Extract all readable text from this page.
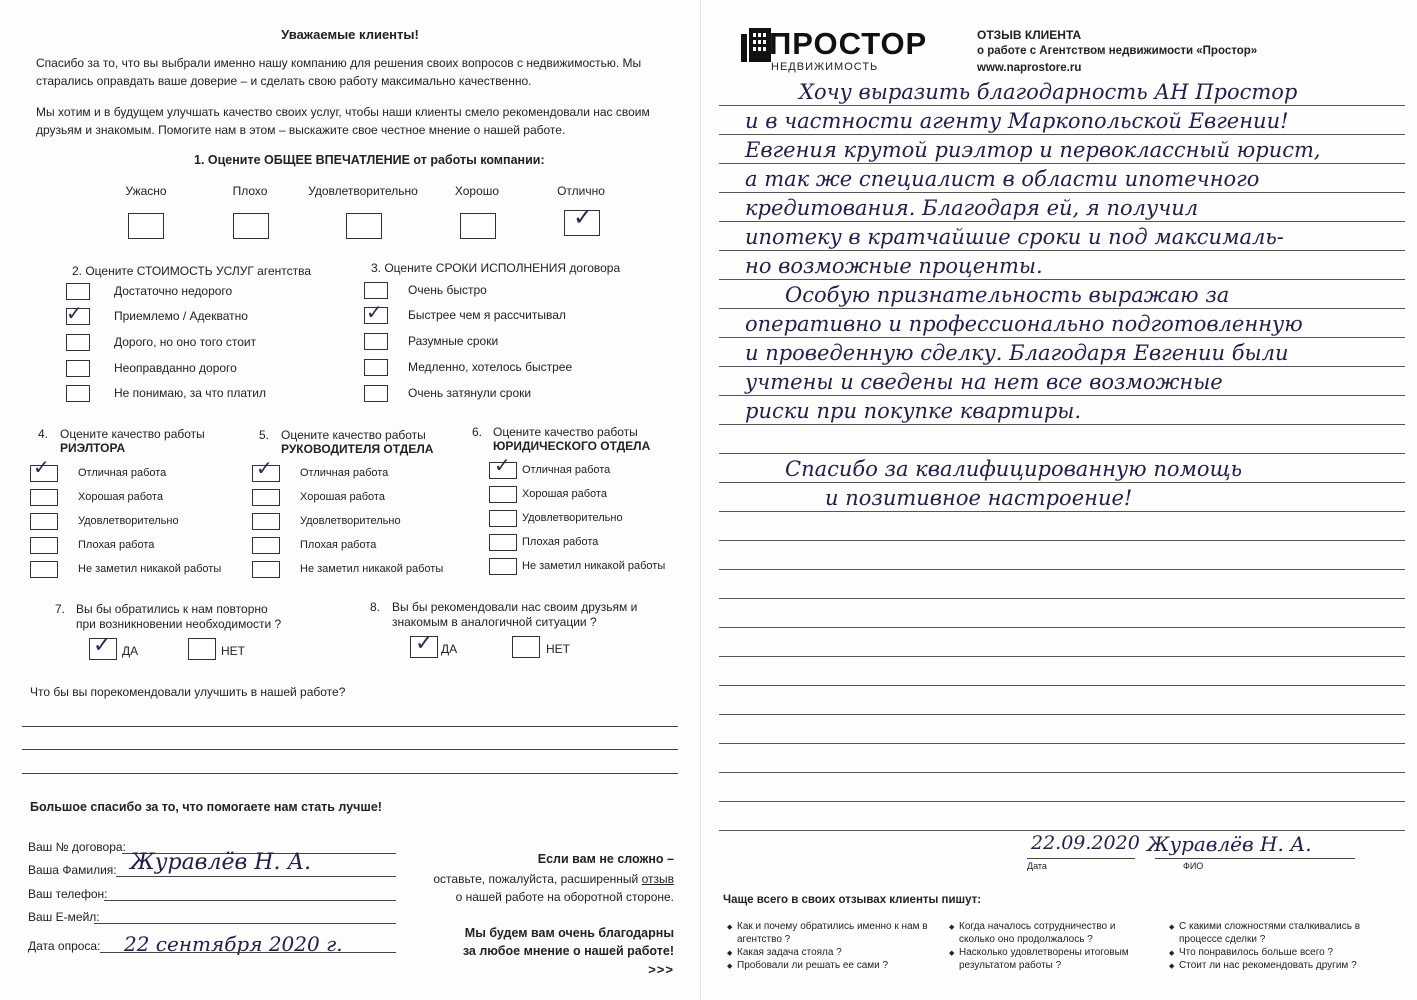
Уважаемые клиенты!
Спасибо за то, что вы выбрали именно нашу компанию для решения своих вопросов с недвижимостью. Мы старались оправдать ваше доверие – и сделать свою работу максимально качественно.
Мы хотим и в будущем улучшать качество своих услуг, чтобы наши клиенты смело рекомендовали нас своим друзьям и знакомым. Помогите нам в этом – выскажите свое честное мнение о нашей работе.
1. Оцените ОБЩЕЕ ВПЕЧАТЛЕНИЕ от работы компании:
Ужасно	Плохо	Удовлетворительно	Хорошо	Отлично
✓
2. Оцените СТОИМОСТЬ УСЛУГ агентства
Достаточно недорого
✓	Приемлемо / Адекватно
Дорого, но оно того стоит
Неоправданно дорого
Не понимаю, за что платил
3. Оцените СРОКИ ИСПОЛНЕНИЯ договора
Очень быстро
✓ Быстрее чем я рассчитывал
Разумные сроки
Медленно, хотелось быстрее
Очень затянули сроки
4. Оцените качество работы
РИЭЛТОРА
✓	Отличная работа
Хорошая работа
Удовлетворительно
Плохая работа
Не заметил никакой работы
5. Оцените качество работы
РУКОВОДИТЕЛЯ ОТДЕЛА
✓ Отличная работа
Хорошая работа
Удовлетворительно
Плохая работа
Не заметил никакой работы
6. Оцените качество работы
ЮРИДИЧЕСКОГО ОТДЕЛА
✓ Отличная работа
Хорошая работа
Удовлетворительно
Плохая работа
Не заметил никакой работы
7. Вы бы обратились к нам повторно
при возникновении необходимости ?
✓ ДА	НЕТ
8. Вы бы рекомендовали нас своим друзьям и
знакомым в аналогичной ситуации ?
✓ ДА	НЕТ
Что бы вы порекомендовали улучшить в нашей работе?
Большое спасибо за то, что помогаете нам стать лучше!
Ваш № договора:
Ваша Фамилия: Журавлёв Н. А.
Ваш телефон:
Ваш E-мейл:
Дата опроса: 22 сентября 2020 г.
Если вам не сложно –
оставьте, пожалуйста, расширенный отзыв
о нашей работе на оборотной стороне.
Мы будем вам очень благодарны
за любое мнение о нашей работе!
>>>
ПРОСТОР
НЕДВИЖИМОСТЬ
ОТЗЫВ КЛИЕНТА
о работе с Агентством недвижимости «Простор»
www.naprostore.ru
Хочу выразить благодарность АН Простор
и в частности агенту Маркопольской Евгении!
Евгения крутой риэлтор и первоклассный юрист,
а так же специалист в области ипотечного
кредитования. Благодаря ей, я получил
ипотеку в кратчайшие сроки и под максималь-
но возможные проценты.
Особую признательность выражаю за
оперативно и профессионально подготовленную
и проведенную сделку. Благодаря Евгении были
учтены и сведены на нет все возможные
риски при покупке квартиры.
Спасибо за квалифицированную помощь
и позитивное настроение!
22.09.2020 Журавлёв Н. А.
Дата	ФИО
Чаще всего в своих отзывах клиенты пишут:
◆ Как и почему обратились именно к нам в агентство ?
◆ Какая задача стояла ?
◆ Пробовали ли решать ее сами ?
◆ Когда началось сотрудничество и сколько оно продолжалось ?
◆ Насколько удовлетворены итоговым результатом работы ?
◆ С какими сложностями сталкивались в процессе сделки ?
◆ Что понравилось больше всего ?
◆ Стоит ли нас рекомендовать другим ?
